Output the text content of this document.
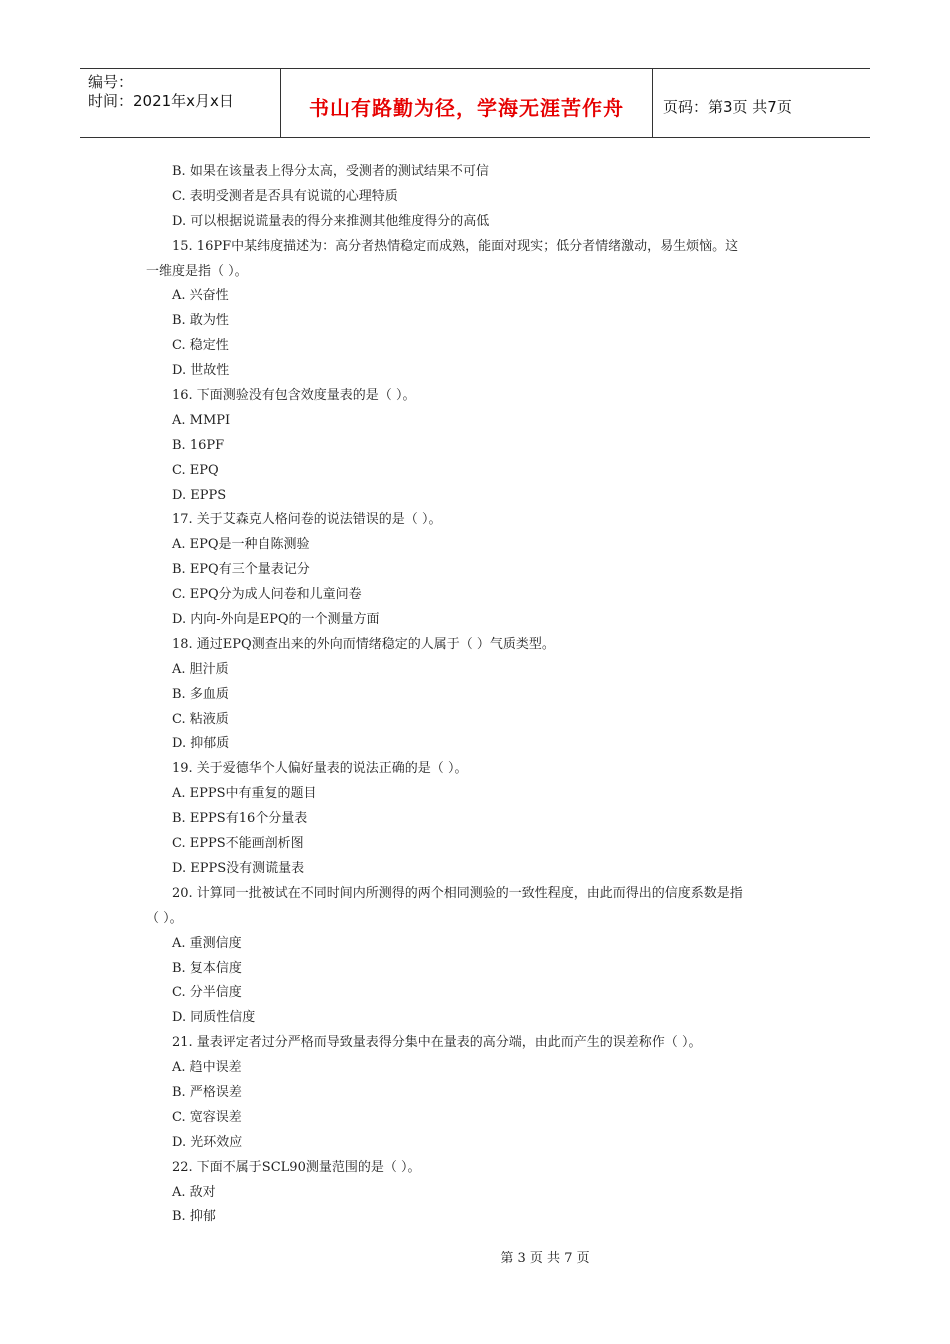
编号：
时间：2021年x月x日	书山有路勤为径，学海无涯苦作舟	页码：第3页 共7页
B. 如果在该量表上得分太高，受测者的测试结果不可信
C. 表明受测者是否具有说谎的心理特质
D. 可以根据说谎量表的得分来推测其他维度得分的高低
15. 16PF中某纬度描述为：高分者热情稳定而成熟，能面对现实；低分者情绪激动，易生烦恼。这
一维度是指（ ）。
A. 兴奋性
B. 敢为性
C. 稳定性
D. 世故性
16. 下面测验没有包含效度量表的是（ ）。
A. MMPI
B. 16PF
C. EPQ
D. EPPS
17. 关于艾森克人格问卷的说法错误的是（ ）。
A. EPQ是一种自陈测验
B. EPQ有三个量表记分
C. EPQ分为成人问卷和儿童问卷
D. 内向-外向是EPQ的一个测量方面
18. 通过EPQ测查出来的外向而情绪稳定的人属于（ ）气质类型。
A. 胆汁质
B. 多血质
C. 粘液质
D. 抑郁质
19. 关于爱德华个人偏好量表的说法正确的是（ ）。
A. EPPS中有重复的题目
B. EPPS有16个分量表
C. EPPS不能画剖析图
D. EPPS没有测谎量表
20. 计算同一批被试在不同时间内所测得的两个相同测验的一致性程度，由此而得出的信度系数是指
（ ）。
A. 重测信度
B. 复本信度
C. 分半信度
D. 同质性信度
21. 量表评定者过分严格而导致量表得分集中在量表的高分端，由此而产生的误差称作（ ）。
A. 趋中误差
B. 严格误差
C. 宽容误差
D. 光环效应
22. 下面不属于SCL90测量范围的是（ ）。
A. 敌对
B. 抑郁
第 3 页 共 7 页
